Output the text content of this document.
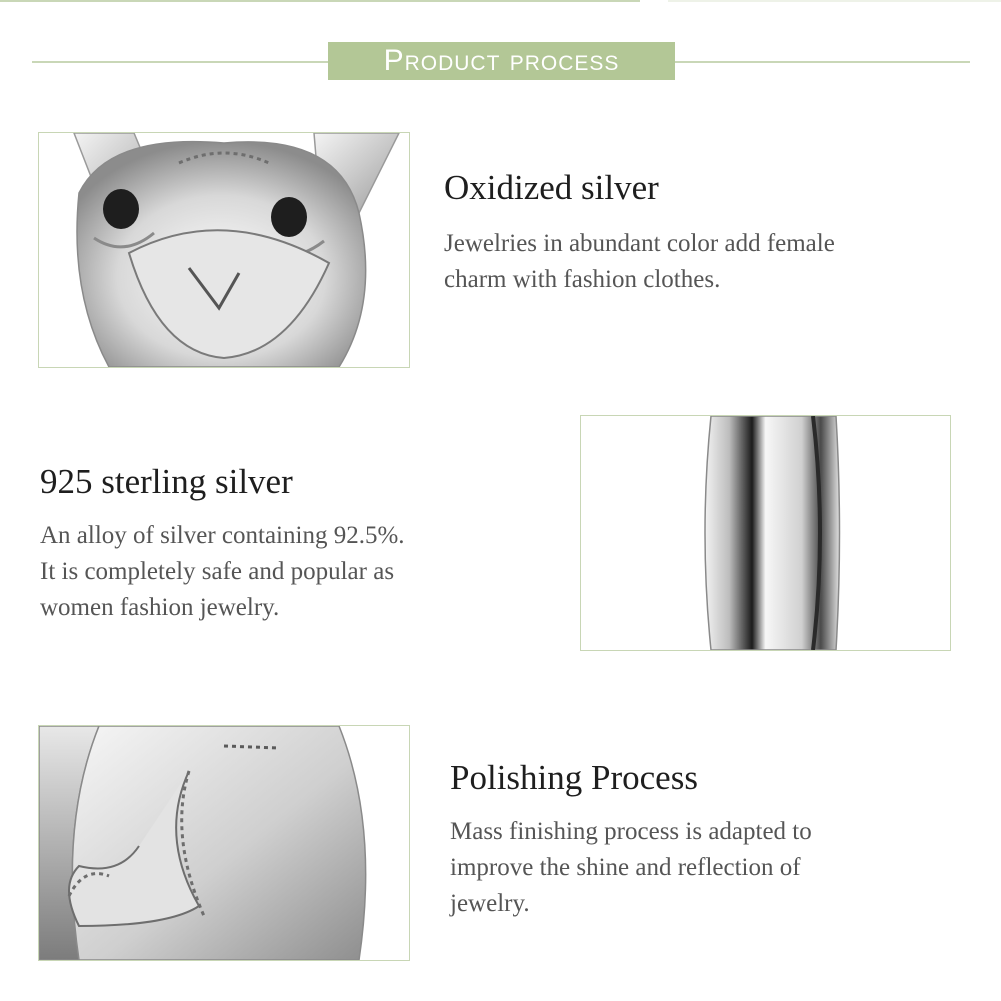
Product process
Oxidized silver

Jewelries in abundant color add female
charm with fashion clothes.

925 sterling silver

An alloy of silver containing 92.5%.
It is completely safe and popular as
women fashion jewelry.

Polishing Process

Mass finishing process is adapted to
improve the shine and reflection of
jewelry.
